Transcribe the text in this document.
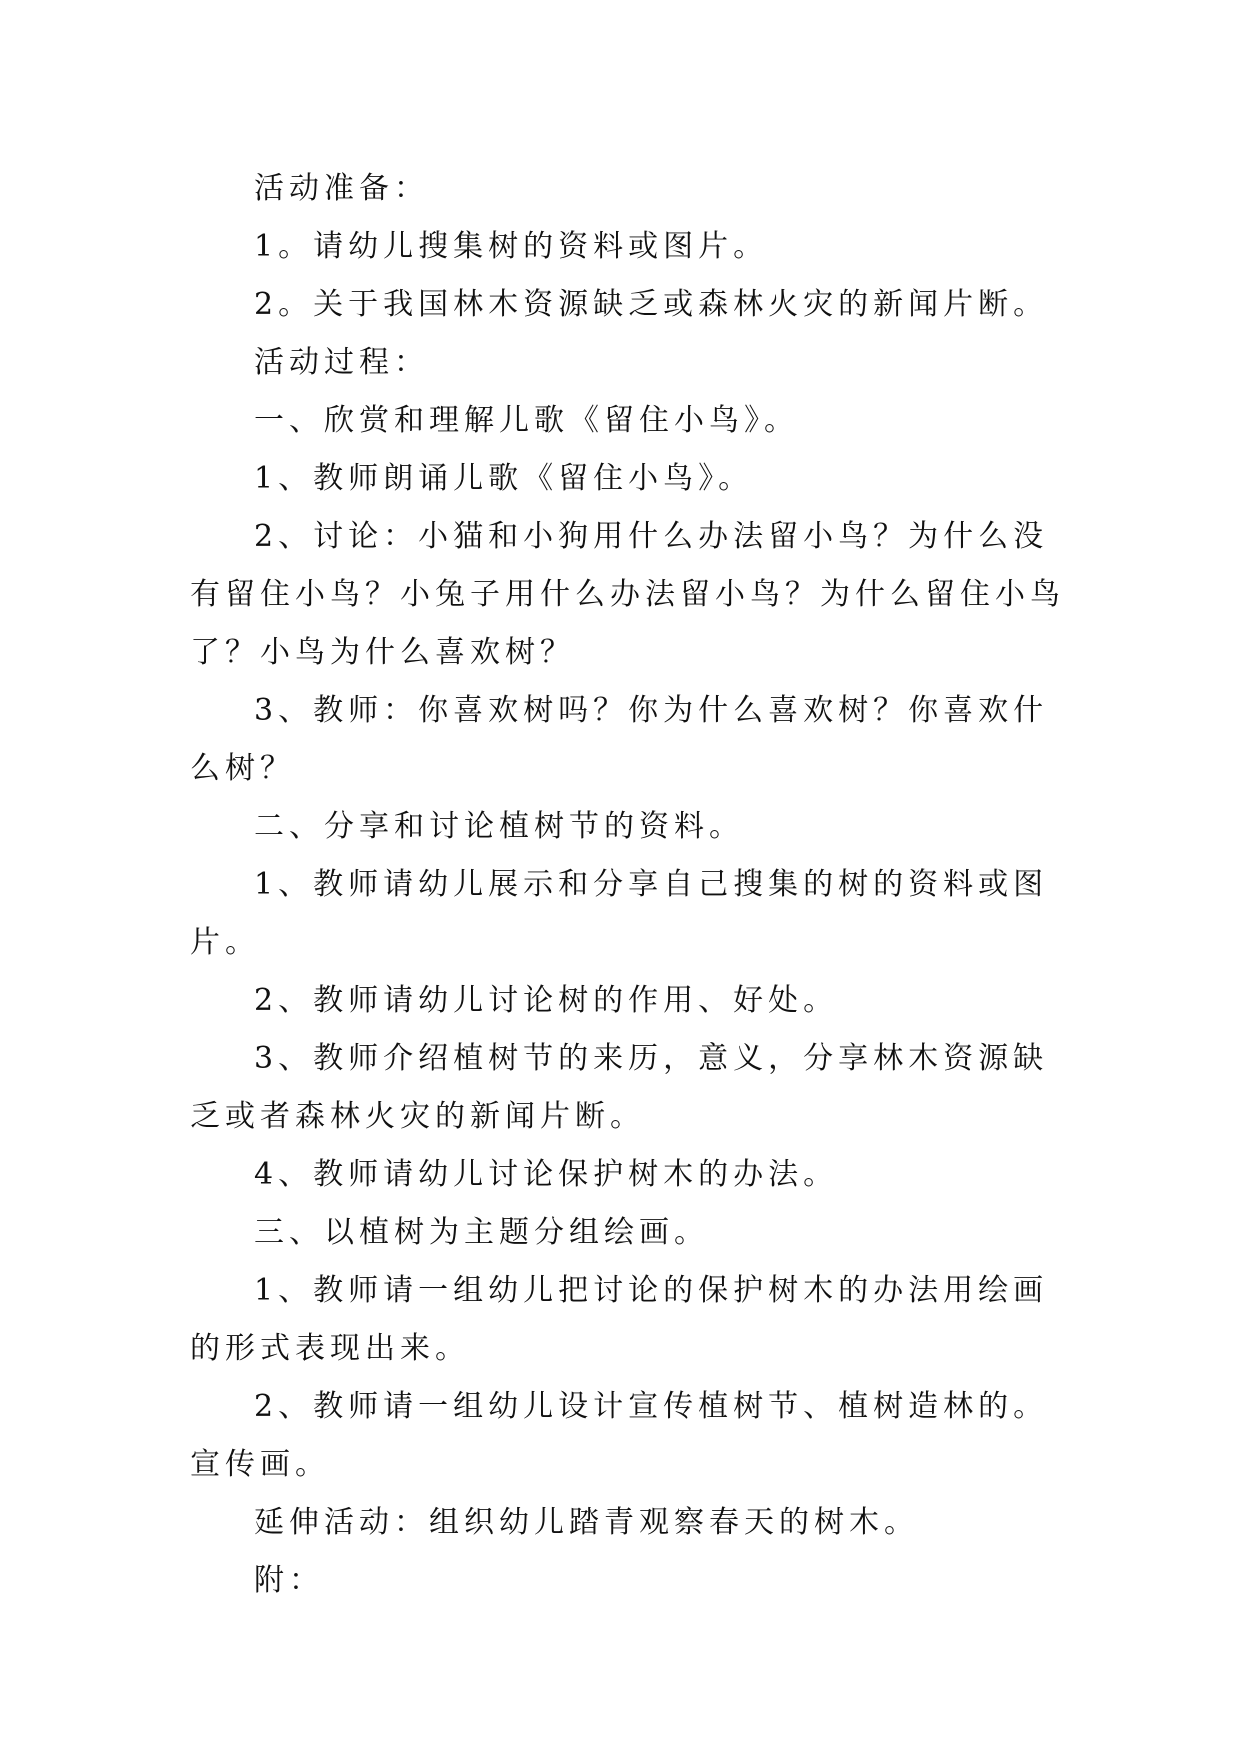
活动准备：

1。请幼儿搜集树的资料或图片。

2。关于我国林木资源缺乏或森林火灾的新闻片断。

活动过程：

一、欣赏和理解儿歌《留住小鸟》。

1、教师朗诵儿歌《留住小鸟》。

2、讨论：小猫和小狗用什么办法留小鸟？为什么没有留住小鸟？小兔子用什么办法留小鸟？为什么留住小鸟了？小鸟为什么喜欢树？

3、教师：你喜欢树吗？你为什么喜欢树？你喜欢什么树？

二、分享和讨论植树节的资料。

1、教师请幼儿展示和分享自己搜集的树的资料或图片。

2、教师请幼儿讨论树的作用、好处。

3、教师介绍植树节的来历，意义，分享林木资源缺乏或者森林火灾的新闻片断。

4、教师请幼儿讨论保护树木的办法。

三、以植树为主题分组绘画。

1、教师请一组幼儿把讨论的保护树木的办法用绘画的形式表现出来。

2、教师请一组幼儿设计宣传植树节、植树造林的。宣传画。

延伸活动：组织幼儿踏青观察春天的树木。

附：
